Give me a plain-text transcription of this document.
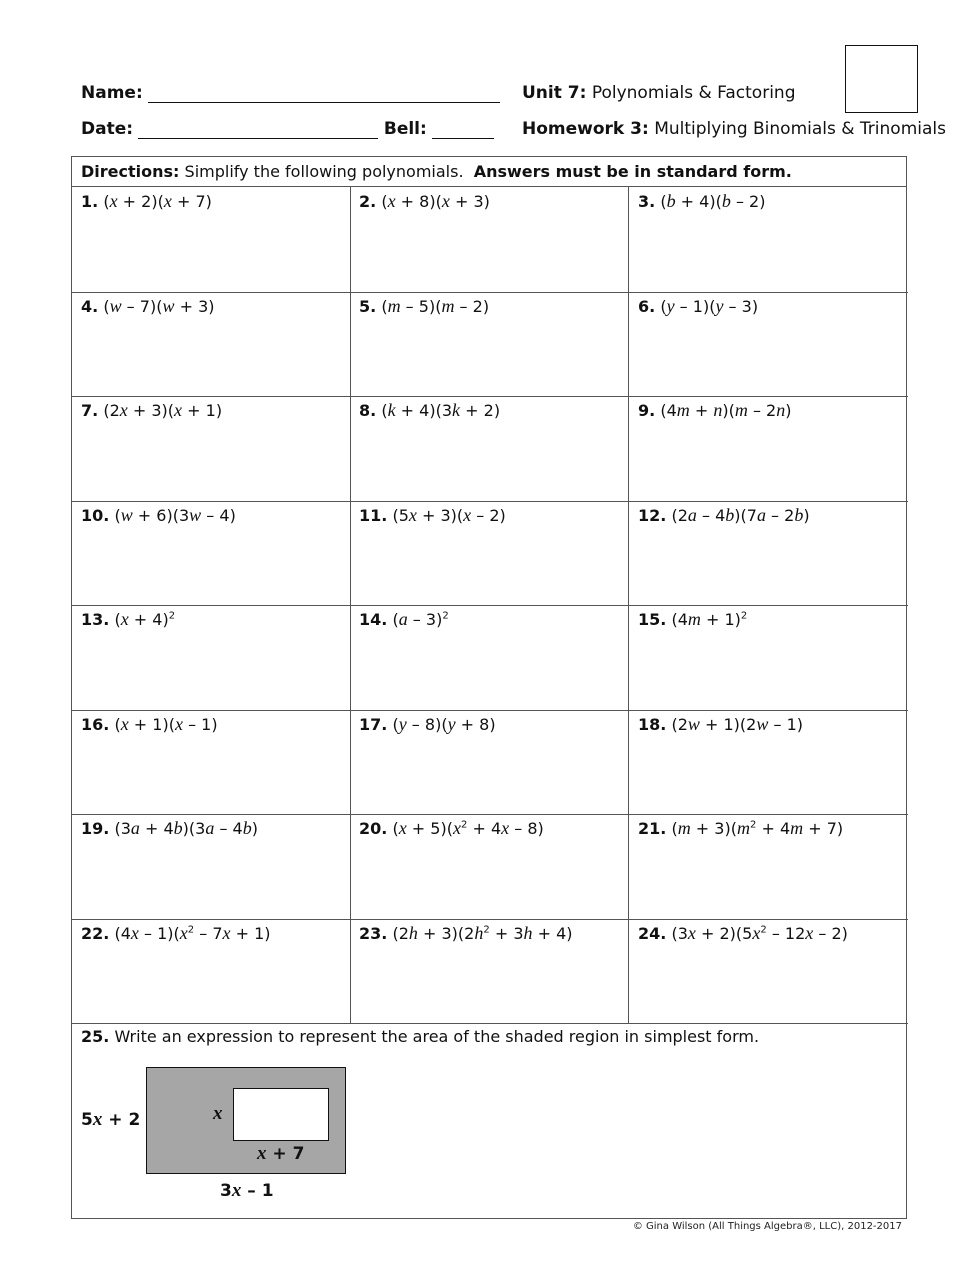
Name:
Date:	Bell:
Unit 7: Polynomials & Factoring
Homework 3: Multiplying Binomials & Trinomials
Directions: Simplify the following polynomials. Answers must be in standard form.
1. (x + 2)(x + 7)	2. (x + 8)(x + 3)	3. (b + 4)(b – 2)
4. (w – 7)(w + 3)	5. (m – 5)(m – 2)	6. (y – 1)(y – 3)
7. (2x + 3)(x + 1)	8. (k + 4)(3k + 2)	9. (4m + n)(m – 2n)
10. (w + 6)(3w – 4)	11. (5x + 3)(x – 2)	12. (2a – 4b)(7a – 2b)
13. $(x + 4)^2$	14. (a – 3)$^2$	15. $(4m + 1)^2$
16. (x + 1)(x – 1)	17. (y – 8)(y + 8)	18. (2w + 1)(2w – 1)
19. (3a + 4b)(3a – 4b)	20. $(x + 5)(x^2 + 4x - 8)$	21. $(m + 3)(m^2 + 4m + 7)$
22. $(4x - 1)(x^2 - 7x + 1)$	23. $(2h + 3)(2h^2 + 3h + 4)$	24. $(3x + 2)(5x^2 - 12x - 2)$
25. Write an expression to represent the area of the shaded region in simplest form.
5x + 2
3x – 1
x
x + 7
© Gina Wilson (All Things Algebra®, LLC), 2012-2017
